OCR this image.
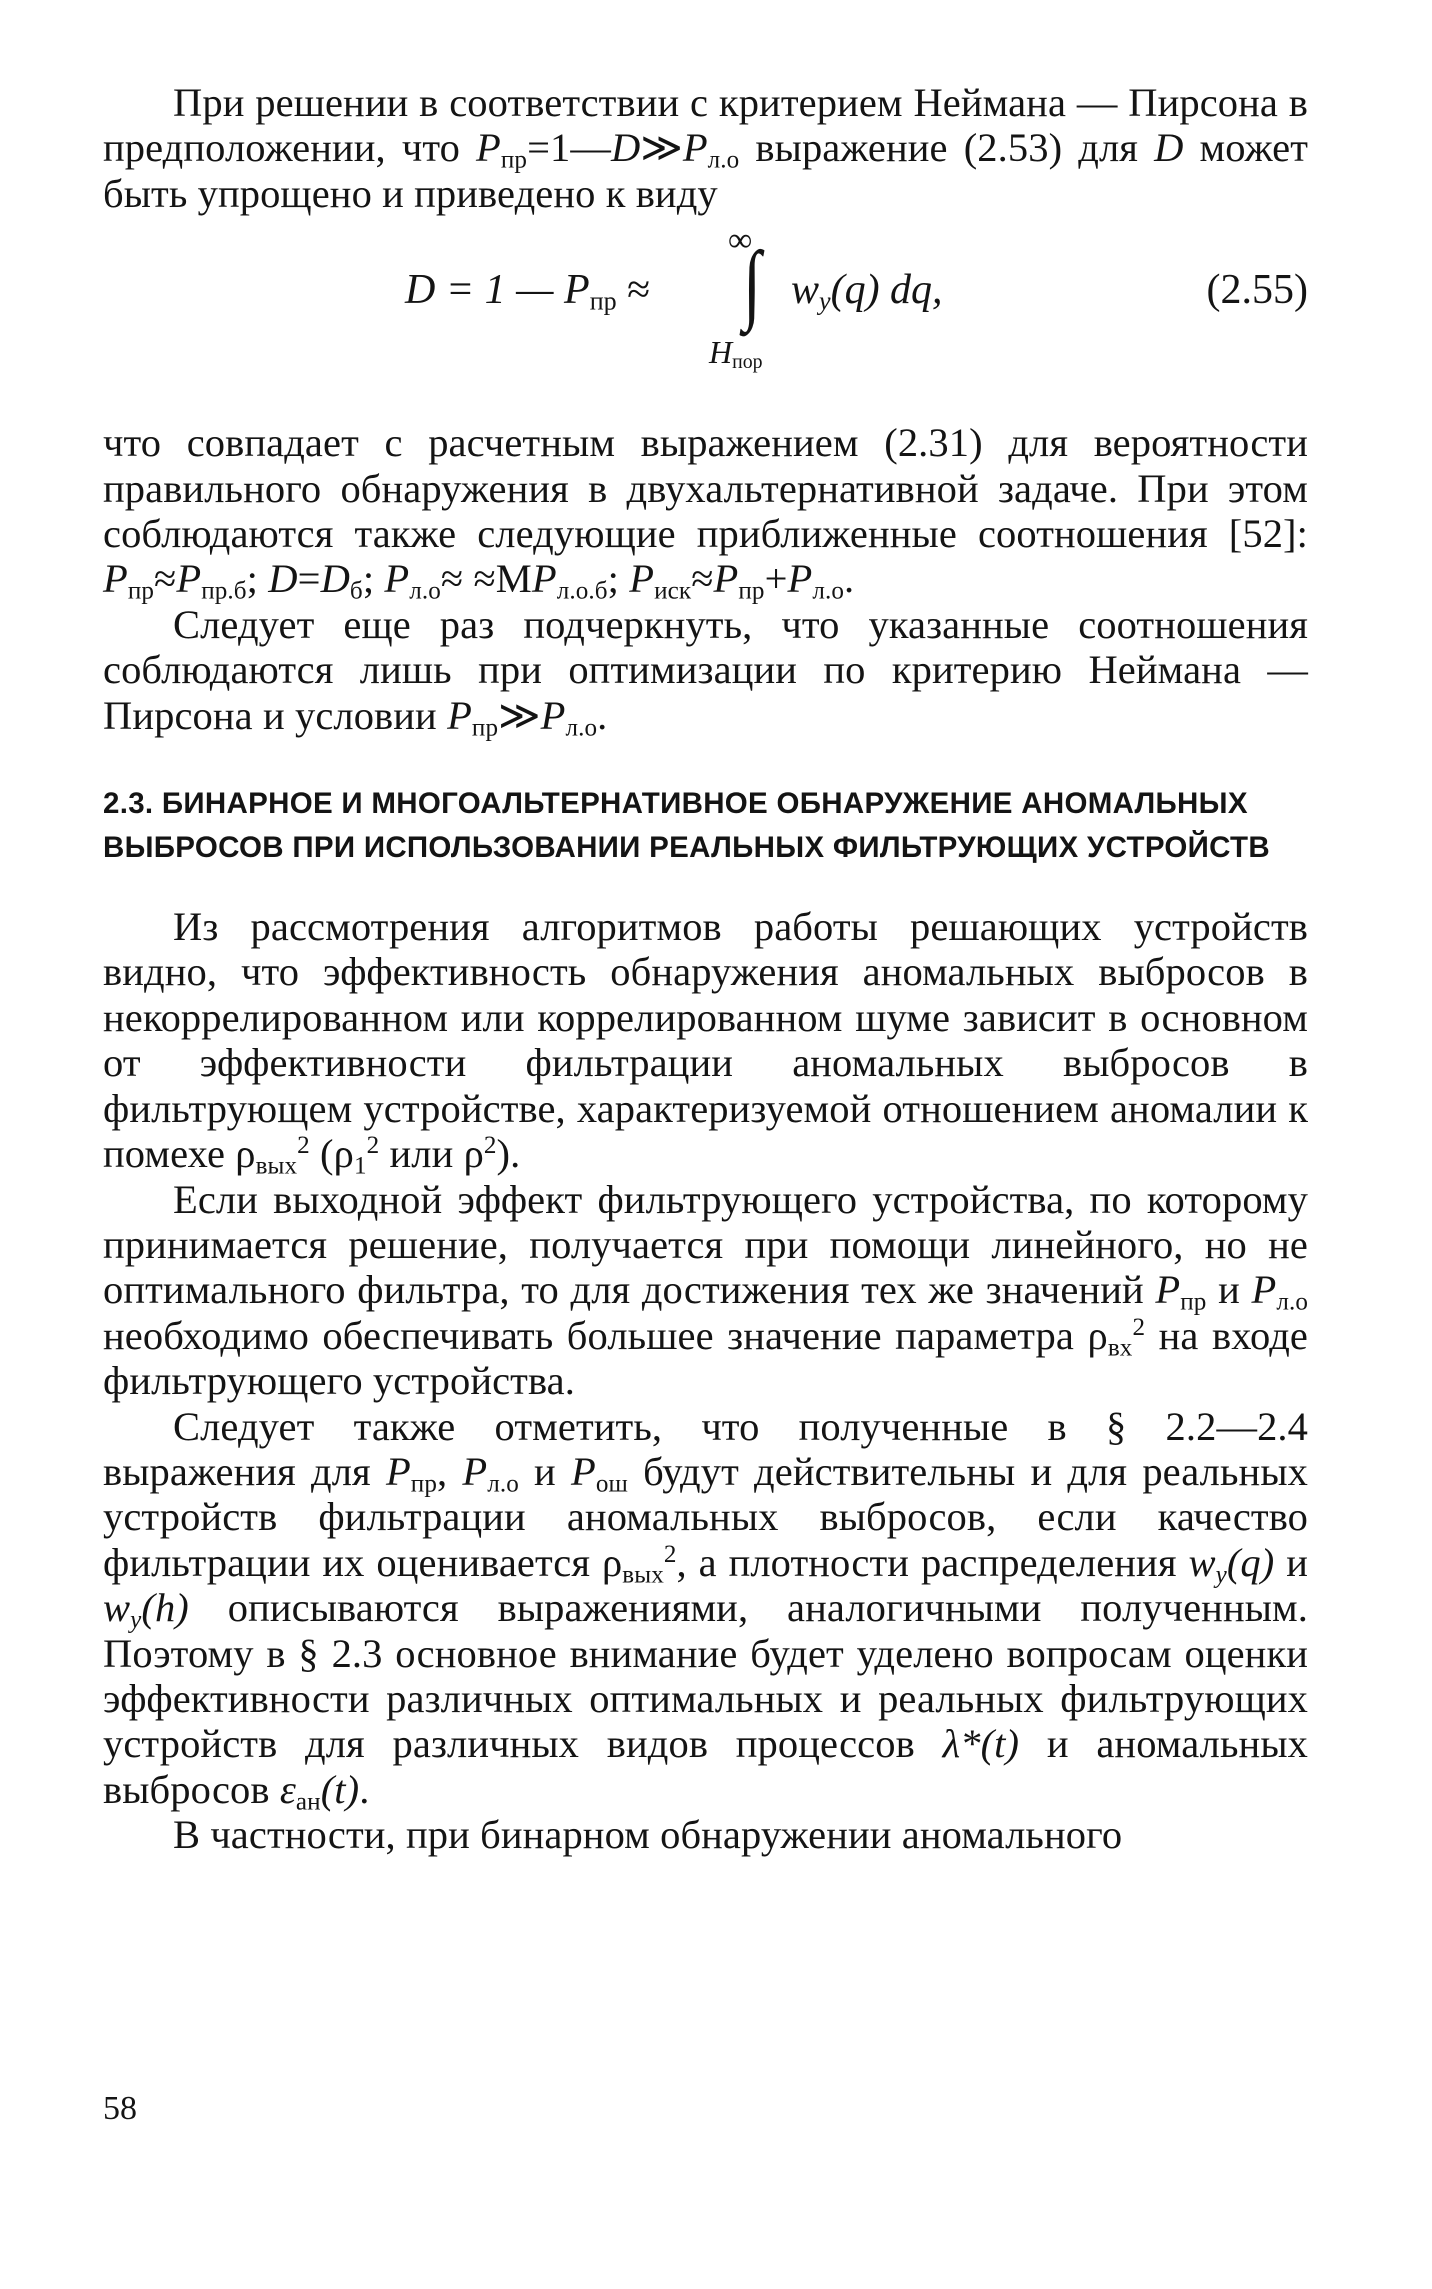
При решении в соответствии с критерием Неймана — Пирсона в предположении, что $P_{пр}=1—D≫P_{л.о}$ выражение (2.53) для D может быть упрощено и приведено к виду

D = 1 — $P_{пр}$ ≈
∞
∫ $w_y(q)$ dq,
$H_{пор}$
(2.55)

что совпадает с расчетным выражением (2.31) для вероятности правильного обнаружения в двухальтернативной задаче. При этом соблюдаются также следующие приближенные соотношения [52]: $P_{пр}\approx P_{пр.б}$; $D=D_б$; $P_{л.о}\approx \approx MP_{л.о.б}$; $P_{иск}\approx P_{пр}+P_{л.о}$.

Следует еще раз подчеркнуть, что указанные соотношения соблюдаются лишь при оптимизации по критерию Неймана — Пирсона и условии $P_{пр}≫P_{л.о}$.

2.3. БИНАРНОЕ И МНОГОАЛЬТЕРНАТИВНОЕ ОБНАРУЖЕНИЕ АНОМАЛЬНЫХ ВЫБРОСОВ ПРИ ИСПОЛЬЗОВАНИИ РЕАЛЬНЫХ ФИЛЬТРУЮЩИХ УСТРОЙСТВ

Из рассмотрения алгоритмов работы решающих устройств видно, что эффективность обнаружения аномальных выбросов в некоррелированном или коррелированном шуме зависит в основном от эффективности фильтрации аномальных выбросов в фильтрующем устройстве, характеризуемой отношением аномалии к помехе $\rho_{вых}^2$ ($\rho_1^2$ или $\rho^2$).

Если выходной эффект фильтрующего устройства, по которому принимается решение, получается при помощи линейного, но не оптимального фильтра, то для достижения тех же значений $P_{пр}$ и $P_{л.о}$ необходимо обеспечивать большее значение параметра $\rho_{вх}^2$ на входе фильтрующего устройства.

Следует также отметить, что полученные в § 2.2—2.4 выражения для $P_{пр}$, $P_{л.о}$ и $P_{ош}$ будут действительны и для реальных устройств фильтрации аномальных выбросов, если качество фильтрации их оценивается $\rho_{вых}^2$, а плотности распределения $w_y(q)$ и $w_y(h)$ описываются выражениями, аналогичными полученным. Поэтому в § 2.3 основное внимание будет уделено вопросам оценки эффективности различных оптимальных и реальных фильтрующих устройств для различных видов процессов λ*(t) и аномальных выбросов $\varepsilon_{ан}(t)$.

В частности, при бинарном обнаружении аномального

58
